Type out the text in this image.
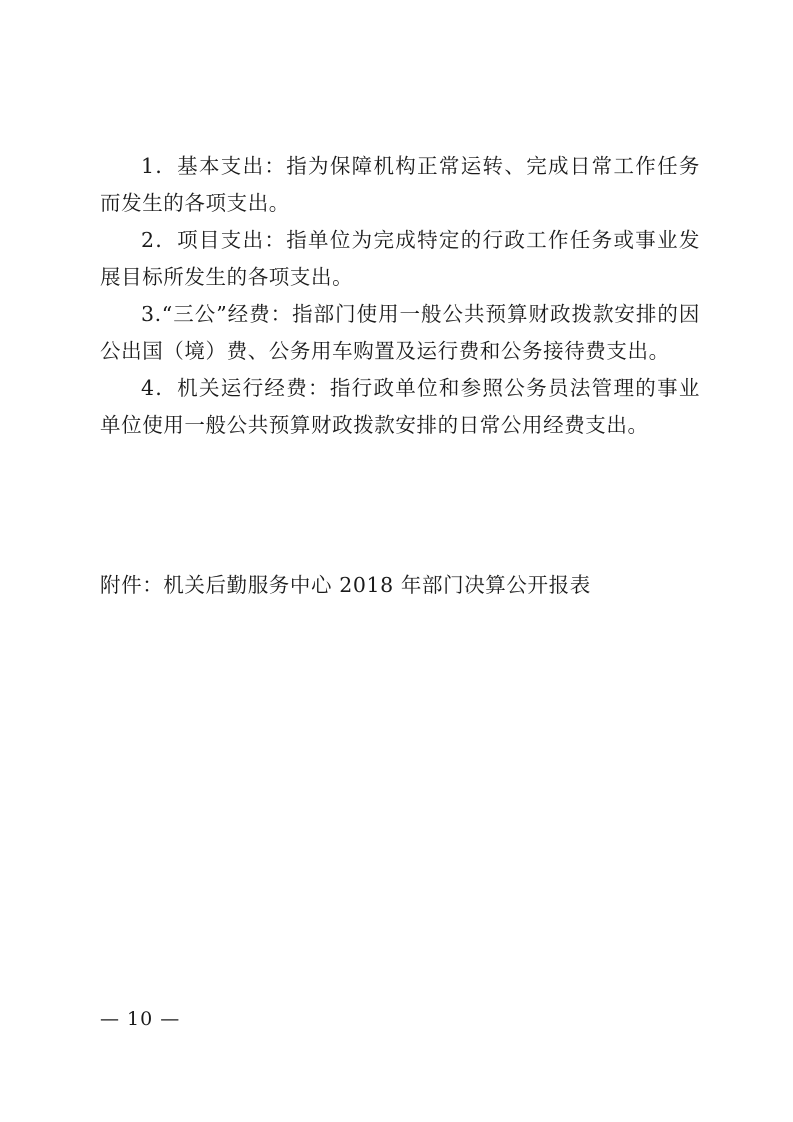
1．基本支出：指为保障机构正常运转、完成日常工作任务而发生的各项支出。

2．项目支出：指单位为完成特定的行政工作任务或事业发展目标所发生的各项支出。

3.“三公”经费：指部门使用一般公共预算财政拨款安排的因公出国（境）费、公务用车购置及运行费和公务接待费支出。

4．机关运行经费：指行政单位和参照公务员法管理的事业单位使用一般公共预算财政拨款安排的日常公用经费支出。

附件：机关后勤服务中心 2018 年部门决算公开报表

— 10 —
